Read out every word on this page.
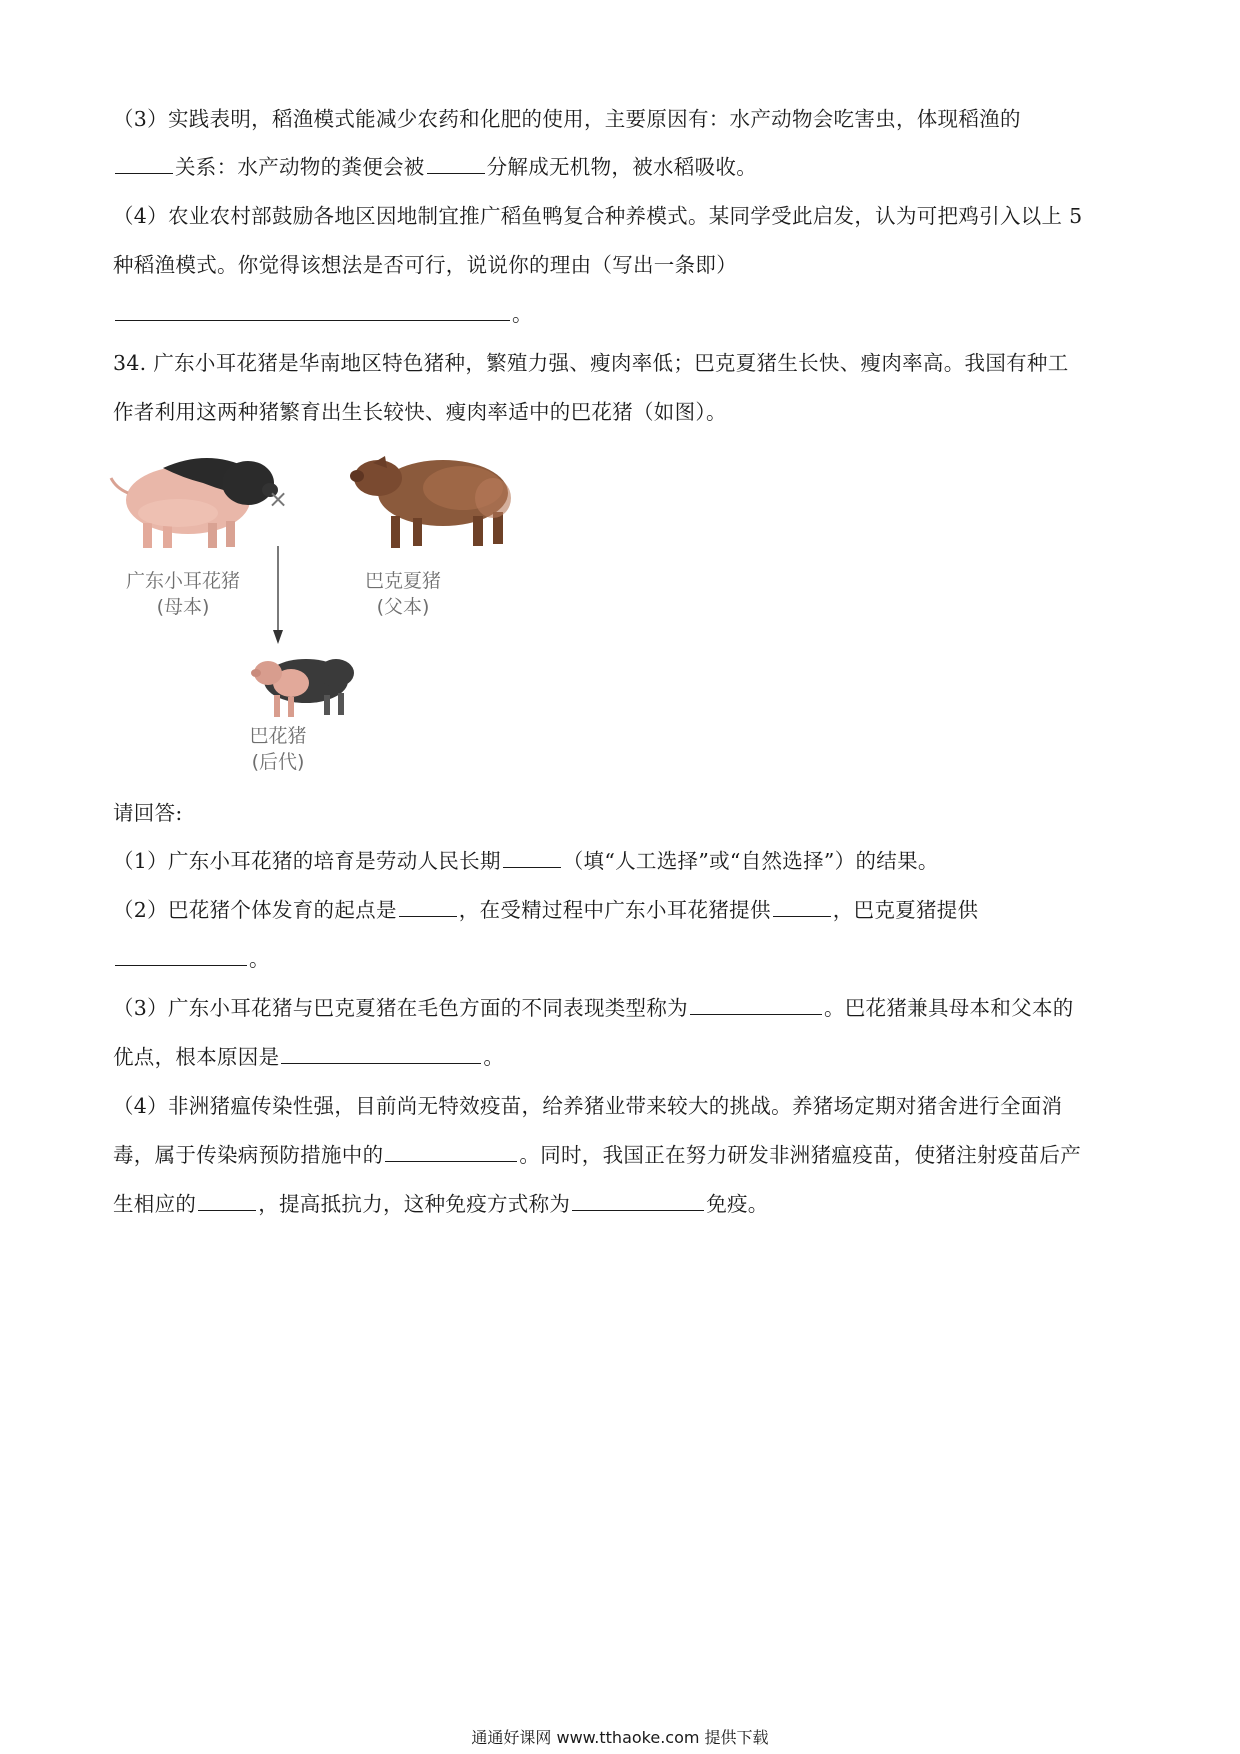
（3）实践表明，稻渔模式能减少农药和化肥的使用，主要原因有：水产动物会吃害虫，体现稻渔的
关系：水产动物的粪便会被	分解成无机物，被水稻吸收。
（4）农业农村部鼓励各地区因地制宜推广稻鱼鸭复合种养模式。某同学受此启发，认为可把鸡引入以上 5
种稻渔模式。你觉得该想法是否可行，说说你的理由（写出一条即）
。
34. 广东小耳花猪是华南地区特色猪种，繁殖力强、瘦肉率低；巴克夏猪生长快、瘦肉率高。我国有种工
作者利用这两种猪繁育出生长较快、瘦肉率适中的巴花猪（如图）。
×
广东小耳花猪
(母本)
巴克夏猪
(父本)
巴花猪
(后代)
请回答:
（1）广东小耳花猪的培育是劳动人民长期	（填“人工选择”或“自然选择”）的结果。
（2）巴花猪个体发育的起点是	，在受精过程中广东小耳花猪提供	，巴克夏猪提供
。
（3）广东小耳花猪与巴克夏猪在毛色方面的不同表现类型称为	。巴花猪兼具母本和父本的
优点，根本原因是	。
（4）非洲猪瘟传染性强，目前尚无特效疫苗，给养猪业带来较大的挑战。养猪场定期对猪舍进行全面消
毒，属于传染病预防措施中的	。同时，我国正在努力研发非洲猪瘟疫苗，使猪注射疫苗后产
生相应的	，提高抵抗力，这种免疫方式称为	免疫。
通通好课网 www.tthaoke.com 提供下载
